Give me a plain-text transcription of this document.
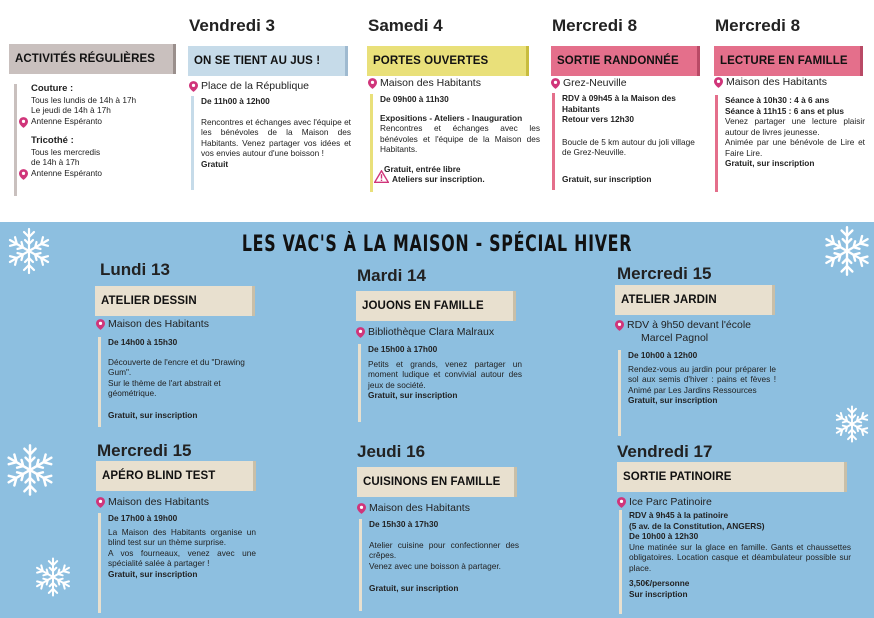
ACTIVITÉS RÉGULIÈRES
Couture :
Tous les lundis de 14h à 17h
Le jeudi de 14h à 17h
Antenne Espéranto
Tricothé :
Tous les mercredis
de 14h à 17h
Antenne Espéranto
Vendredi 3
ON SE TIENT AU JUS !
Place de la République
De 11h00 à 12h00
Rencontres et échanges avec l'équipe et les bénévoles de la Maison des Habitants. Venez partager vos idées et vos envies autour d'une boisson !
Gratuit
Samedi 4
PORTES OUVERTES
Maison des Habitants
De 09h00 à 11h30
Expositions - Ateliers - Inauguration
Rencontres et échanges avec les bénévoles et l'équipe de la Maison des Habitants.
Gratuit, entrée libre
Ateliers sur inscription.
Mercredi 8
SORTIE RANDONNÉE
Grez-Neuville
RDV à 09h45 à la Maison des
Habitants
Retour vers 12h30
Boucle de 5 km autour du joli village de Grez-Neuville.
Gratuit, sur inscription
Mercredi 8
LECTURE EN FAMILLE
Maison des Habitants
Séance à 10h30 : 4 à 6 ans
Séance à 11h15 : 6 ans et plus
Venez partager une lecture plaisir autour de livres jeunesse.
Animée par une bénévole de Lire et Faire Lire.
Gratuit, sur inscription
LES VAC'S À LA MAISON - SPÉCIAL HIVER
Lundi 13
ATELIER DESSIN
Maison des Habitants
De 14h00 à 15h30
Découverte de l'encre et du "Drawing Gum".
Sur le thème de l'art abstrait et géométrique.
Gratuit, sur inscription
Mardi 14
JOUONS EN FAMILLE
Bibliothèque Clara Malraux
De 15h00 à 17h00
Petits et grands, venez partager un moment ludique et convivial autour des jeux de société.
Gratuit, sur inscription
Mercredi 15
ATELIER JARDIN
RDV à 9h50 devant l'école
Marcel Pagnol
De 10h00 à 12h00
Rendez-vous au jardin pour préparer le sol aux semis d'hiver : pains et fèves ! Animé par Les Jardins Ressources
Gratuit, sur inscription
Mercredi 15
APÉRO BLIND TEST
Maison des Habitants
De 17h00 à 19h00
La Maison des Habitants organise un blind test sur un thème surprise.
A vos fourneaux, venez avec une spécialité salée à partager !
Gratuit, sur inscription
Jeudi 16
CUISINONS EN FAMILLE
Maison des Habitants
De 15h30 à 17h30
Atelier cuisine pour confectionner des crêpes.
Venez avec une boisson à partager.
Gratuit, sur inscription
Vendredi 17
SORTIE PATINOIRE
Ice Parc Patinoire
RDV à 9h45 à la patinoire
(5 av. de la Constitution, ANGERS)
De 10h00 à 12h30
Une matinée sur la glace en famille. Gants et chaussettes obligatoires. Location casque et déambulateur possible sur place.
3,50€/personne
Sur inscription
